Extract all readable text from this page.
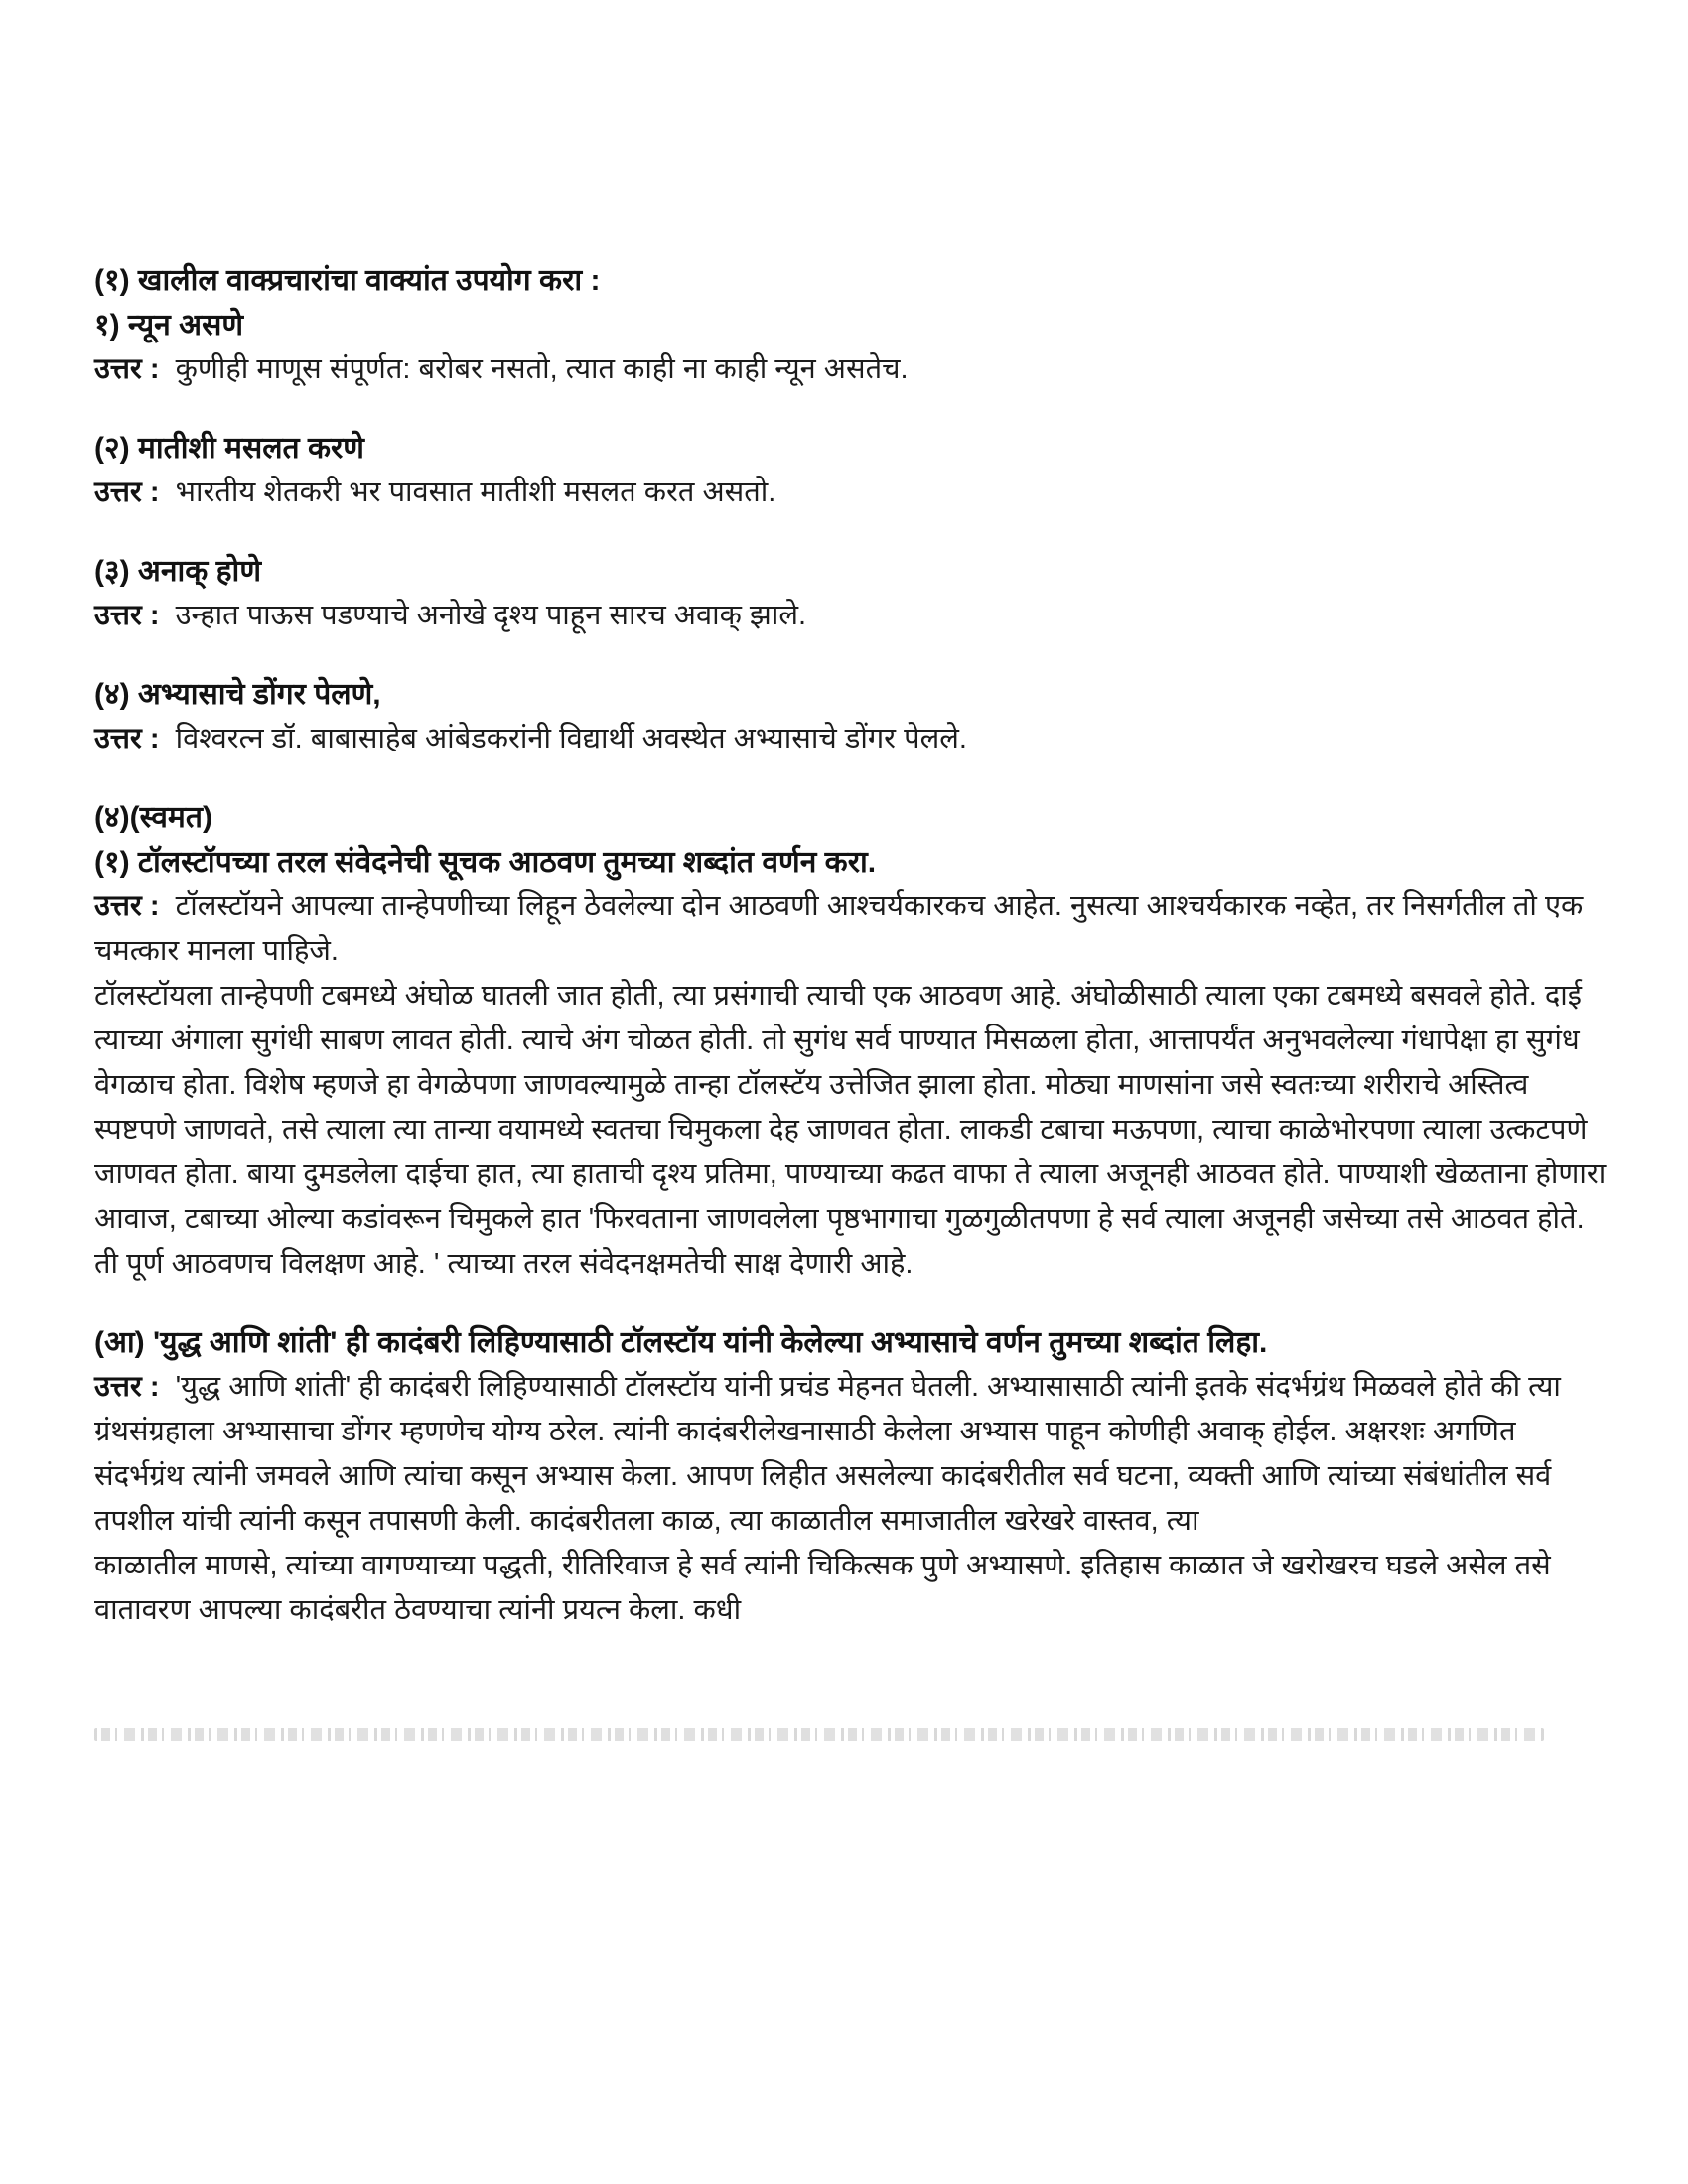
(१) खालील वाक्प्रचारांचा वाक्यांत उपयोग करा :

१) न्यून असणे

उत्तर : कुणीही माणूस संपूर्णत: बरोबर नसतो, त्यात काही ना काही न्यून असतेच.

(२) मातीशी मसलत करणे

उत्तर : भारतीय शेतकरी भर पावसात मातीशी मसलत करत असतो.

(३) अनाक् होणे

उत्तर : उन्हात पाऊस पडण्याचे अनोखे दृश्य पाहून सारच अवाक् झाले.

(४) अभ्यासाचे डोंगर पेलणे,

उत्तर : विश्वरत्न डॉ. बाबासाहेब आंबेडकरांनी विद्यार्थी अवस्थेत अभ्यासाचे डोंगर पेलले.

(४)(स्वमत)

(१) टॉलस्टॉपच्या तरल संवेदनेची सूचक आठवण तुमच्या शब्दांत वर्णन करा.

उत्तर : टॉलस्टॉयने आपल्या तान्हेपणीच्या लिहून ठेवलेल्या दोन आठवणी आश्चर्यकारकच आहेत. नुसत्या आश्चर्यकारक नव्हेत, तर निसर्गतील तो एक चमत्कार मानला पाहिजे.

टॉलस्टॉयला तान्हेपणी टबमध्ये अंघोळ घातली जात होती, त्या प्रसंगाची त्याची एक आठवण आहे. अंघोळीसाठी त्याला एका टबमध्ये बसवले होते. दाई त्याच्या अंगाला सुगंधी साबण लावत होती. त्याचे अंग चोळत होती. तो सुगंध सर्व पाण्यात मिसळला होता, आत्तापर्यंत अनुभवलेल्या गंधापेक्षा हा सुगंध वेगळाच होता. विशेष म्हणजे हा वेगळेपणा जाणवल्यामुळे तान्हा टॉलस्टॅय उत्तेजित झाला होता. मोठ्या माणसांना जसे स्वतःच्या शरीराचे अस्तित्व स्पष्टपणे जाणवते, तसे त्याला त्या तान्या वयामध्ये स्वतचा चिमुकला देह जाणवत होता. लाकडी टबाचा मऊपणा, त्याचा काळेभोरपणा त्याला उत्कटपणे जाणवत होता. बाया दुमडलेला दाईचा हात, त्या हाताची दृश्य प्रतिमा, पाण्याच्या कढत वाफा ते त्याला अजूनही आठवत होते. पाण्याशी खेळताना होणारा आवाज, टबाच्या ओल्या कडांवरून चिमुकले हात 'फिरवताना जाणवलेला पृष्ठभागाचा गुळगुळीतपणा हे सर्व त्याला अजूनही जसेच्या तसे आठवत होते. ती पूर्ण आठवणच विलक्षण आहे. ' त्याच्या तरल संवेदनक्षमतेची साक्ष देणारी आहे.

(आ) 'युद्ध आणि शांती' ही कादंबरी लिहिण्यासाठी टॉलस्टॉय यांनी केलेल्या अभ्यासाचे वर्णन तुमच्या शब्दांत लिहा.

उत्तर : 'युद्ध आणि शांती' ही कादंबरी लिहिण्यासाठी टॉलस्टॉय यांनी प्रचंड मेहनत घेतली. अभ्यासासाठी त्यांनी इतके संदर्भग्रंथ मिळवले होते की त्या ग्रंथसंग्रहाला अभ्यासाचा डोंगर म्हणणेच योग्य ठरेल. त्यांनी कादंबरीलेखनासाठी केलेला अभ्यास पाहून कोणीही अवाक् होईल. अक्षरशः अगणित संदर्भग्रंथ त्यांनी जमवले आणि त्यांचा कसून अभ्यास केला. आपण लिहीत असलेल्या कादंबरीतील सर्व घटना, व्यक्ती आणि त्यांच्या संबंधांतील सर्व तपशील यांची त्यांनी कसून तपासणी केली. कादंबरीतला काळ, त्या काळातील समाजातील खरेखरे वास्तव, त्या

काळातील माणसे, त्यांच्या वागण्याच्या पद्धती, रीतिरिवाज हे सर्व त्यांनी चिकित्सक पुणे अभ्यासणे. इतिहास काळात जे खरोखरच घडले असेल तसे वातावरण आपल्या कादंबरीत ठेवण्याचा त्यांनी प्रयत्न केला. कधी
